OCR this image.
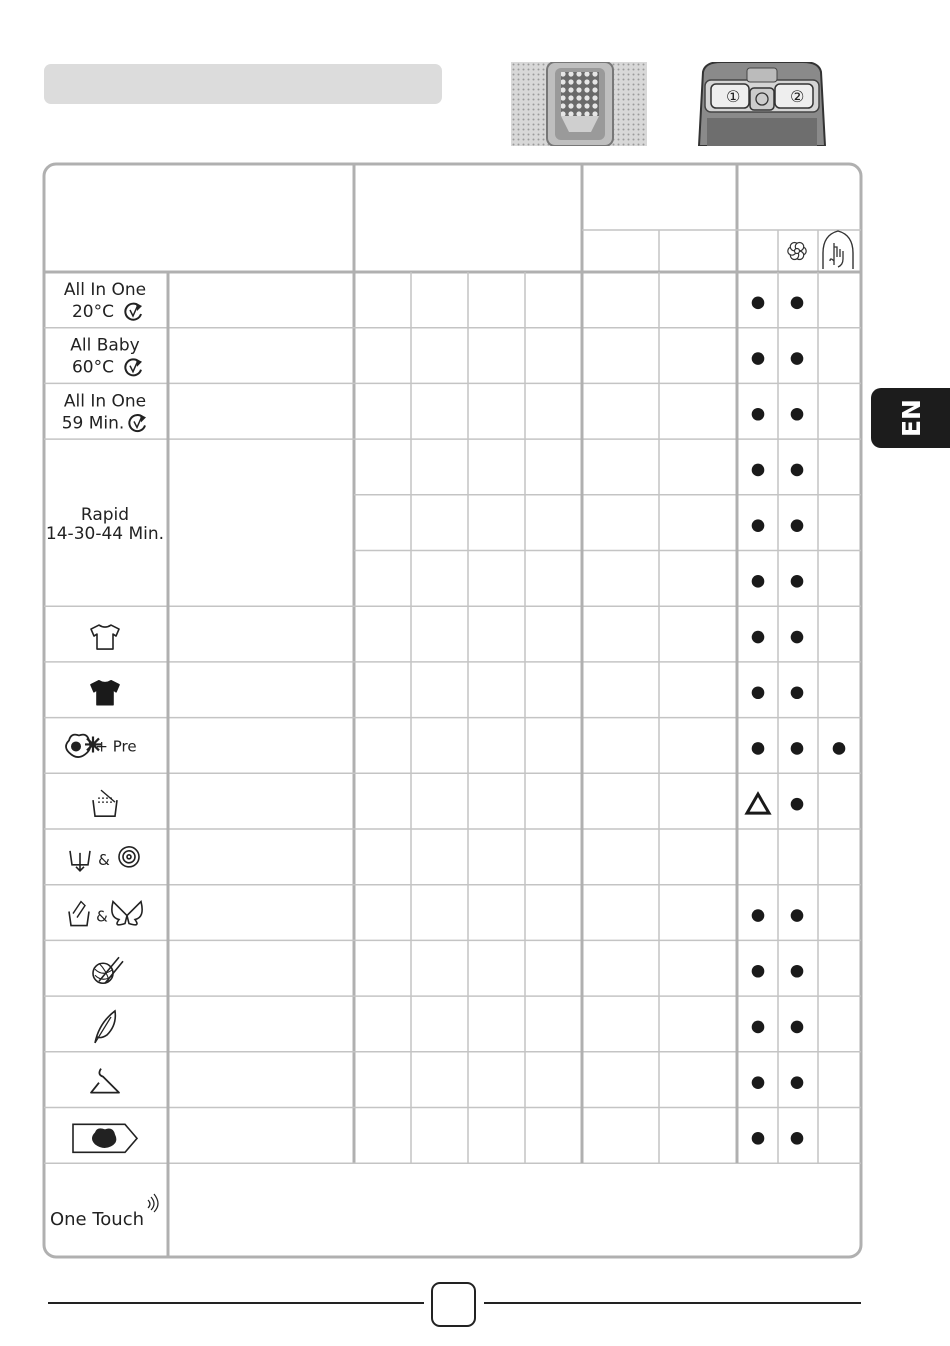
①	②
EN
All In One
20°C
All Baby
60°C
All In One
59 Min.
Rapid
14-30-44 Min.
+ Pre
&
&
One Touch
